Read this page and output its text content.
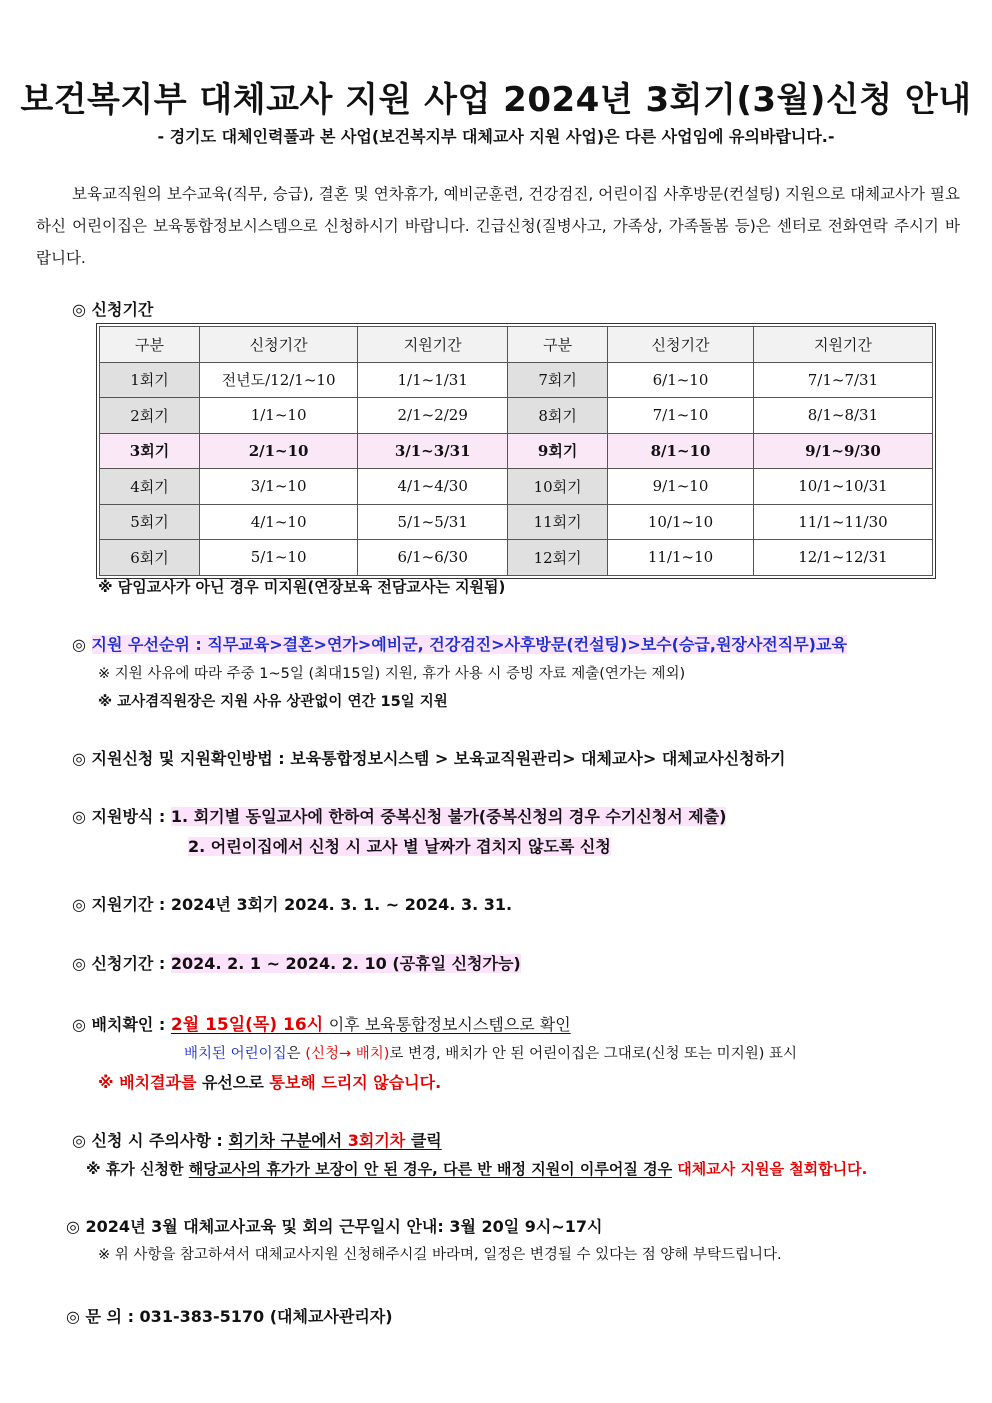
보건복지부 대체교사 지원 사업 2024년 3회기(3월)신청 안내
- 경기도 대체인력풀과 본 사업(보건복지부 대체교사 지원 사업)은 다른 사업임에 유의바랍니다.-
보육교직원의 보수교육(직무, 승급), 결혼 및 연차휴가, 예비군훈련, 건강검진, 어린이집 사후방문(컨설팅) 지원으로 대체교사가 필요하신 어린이집은 보육통합정보시스템으로 신청하시기 바랍니다. 긴급신청(질병사고, 가족상, 가족돌봄 등)은 센터로 전화연락 주시기 바랍니다.
◎ 신청기간
구분	신청기간	지원기간	구분	신청기간	지원기간
1회기	전년도/12/1~10	1/1~1/31	7회기	6/1~10	7/1~7/31
2회기	1/1~10	2/1~2/29	8회기	7/1~10	8/1~8/31
3회기	2/1~10	3/1~3/31	9회기	8/1~10	9/1~9/30
4회기	3/1~10	4/1~4/30	10회기	9/1~10	10/1~10/31
5회기	4/1~10	5/1~5/31	11회기	10/1~10	11/1~11/30
6회기	5/1~10	6/1~6/30	12회기	11/1~10	12/1~12/31
※ 담임교사가 아닌 경우 미지원(연장보육 전담교사는 지원됨)
◎ 지원 우선순위 : 직무교육>결혼>연가>예비군, 건강검진>사후방문(컨설팅)>보수(승급,원장사전직무)교육
※ 지원 사유에 따라 주중 1~5일 (최대15일) 지원, 휴가 사용 시 증빙 자료 제출(연가는 제외)
※ 교사겸직원장은 지원 사유 상관없이 연간 15일 지원
◎ 지원신청 및 지원확인방법 : 보육통합정보시스템 > 보육교직원관리> 대체교사> 대체교사신청하기
◎ 지원방식 : 1. 회기별 동일교사에 한하여 중복신청 불가(중복신청의 경우 수기신청서 제출)
2. 어린이집에서 신청 시 교사 별 날짜가 겹치지 않도록 신청
◎ 지원기간 : 2024년 3회기 2024. 3. 1. ~ 2024. 3. 31.
◎ 신청기간 : 2024. 2. 1 ~ 2024. 2. 10 (공휴일 신청가능)
◎ 배치확인 : 2월 15일(목) 16시 이후 보육통합정보시스템으로 확인
배치된 어린이집은 (신청→ 배치)로 변경, 배치가 안 된 어린이집은 그대로(신청 또는 미지원) 표시
※ 배치결과를 유선으로 통보해 드리지 않습니다.
◎ 신청 시 주의사항 : 회기차 구분에서 3회기차 클릭
※ 휴가 신청한 해당교사의 휴가가 보장이 안 된 경우, 다른 반 배정 지원이 이루어질 경우 대체교사 지원을 철회합니다.
◎ 2024년 3월 대체교사교육 및 회의 근무일시 안내: 3월 20일 9시~17시
※ 위 사항을 참고하셔서 대체교사지원 신청해주시길 바라며, 일정은 변경될 수 있다는 점 양해 부탁드립니다.
◎ 문 의 : 031-383-5170 (대체교사관리자)
